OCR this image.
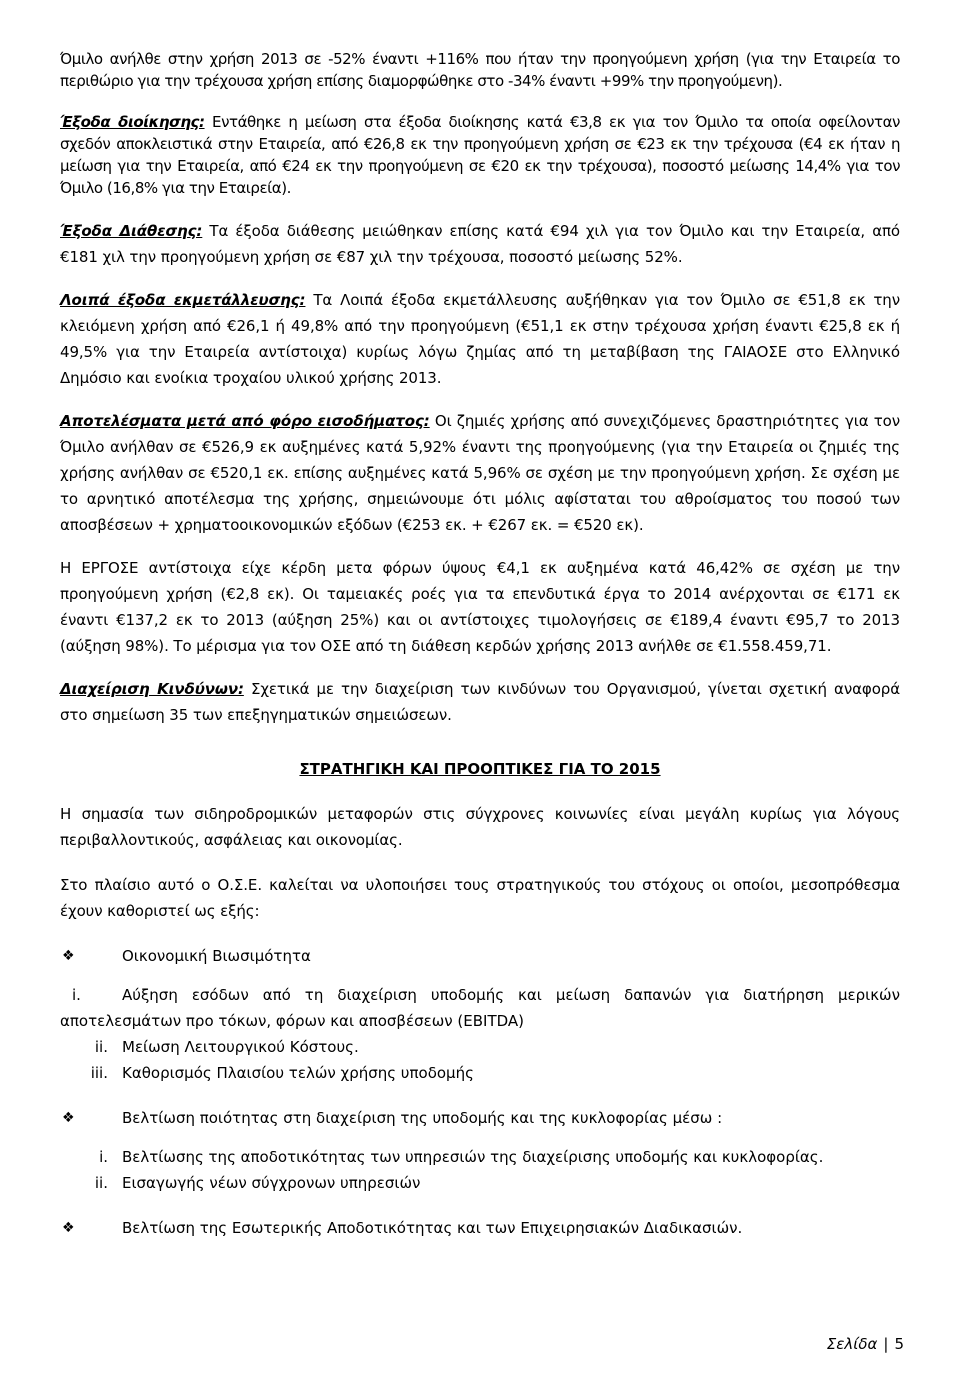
Όμιλο ανήλθε στην χρήση 2013 σε -52% έναντι +116% που ήταν την προηγούμενη χρήση (για την Εταιρεία το περιθώριο για την τρέχουσα χρήση επίσης διαμορφώθηκε στο -34% έναντι +99% την προηγούμενη).

Έξοδα διοίκησης: Εντάθηκε η μείωση στα έξοδα διοίκησης κατά €3,8 εκ για τον Όμιλο τα οποία οφείλονταν σχεδόν αποκλειστικά στην Εταιρεία, από €26,8 εκ την προηγούμενη χρήση σε €23 εκ την τρέχουσα (€4 εκ ήταν η μείωση για την Εταιρεία, από €24 εκ την προηγούμενη σε €20 εκ την τρέχουσα), ποσοστό μείωσης 14,4% για τον Όμιλο (16,8% για την Εταιρεία).

Έξοδα Διάθεσης: Τα έξοδα διάθεσης μειώθηκαν επίσης κατά €94 χιλ για τον Όμιλο και την Εταιρεία, από €181 χιλ την προηγούμενη χρήση σε €87 χιλ την τρέχουσα, ποσοστό μείωσης 52%.

Λοιπά έξοδα εκμετάλλευσης: Τα Λοιπά έξοδα εκμετάλλευσης αυξήθηκαν για τον Όμιλο σε €51,8 εκ την κλειόμενη χρήση από €26,1 ή 49,8% από την προηγούμενη (€51,1 εκ στην τρέχουσα χρήση έναντι €25,8 εκ ή 49,5% για την Εταιρεία αντίστοιχα) κυρίως λόγω ζημίας από τη μεταβίβαση της ΓΑΙΑΟΣΕ στο Ελληνικό Δημόσιο και ενοίκια τροχαίου υλικού χρήσης 2013.

Αποτελέσματα μετά από φόρο εισοδήματος: Οι ζημιές χρήσης από συνεχιζόμενες δραστηριότητες για τον Όμιλο ανήλθαν σε €526,9 εκ αυξημένες κατά 5,92% έναντι της προηγούμενης (για την Εταιρεία οι ζημιές της χρήσης ανήλθαν σε €520,1 εκ. επίσης αυξημένες κατά 5,96% σε σχέση με την προηγούμενη χρήση. Σε σχέση με το αρνητικό αποτέλεσμα της χρήσης, σημειώνουμε ότι μόλις αφίσταται του αθροίσματος του ποσού των αποσβέσεων + χρηματοοικονομικών εξόδων (€253 εκ. + €267 εκ. = €520 εκ).

Η ΕΡΓΟΣΕ αντίστοιχα είχε κέρδη μετα φόρων ύψους €4,1 εκ αυξημένα κατά 46,42% σε σχέση με την προηγούμενη χρήση (€2,8 εκ). Οι ταμειακές ροές για τα επενδυτικά έργα το 2014 ανέρχονται σε €171 εκ έναντι €137,2 εκ το 2013 (αύξηση 25%) και οι αντίστοιχες τιμολογήσεις σε €189,4 έναντι €95,7 το 2013 (αύξηση 98%). Το μέρισμα για τον ΟΣΕ από τη διάθεση κερδών χρήσης 2013 ανήλθε σε €1.558.459,71.

Διαχείριση Κινδύνων: Σχετικά με την διαχείριση των κινδύνων του Οργανισμού, γίνεται σχετική αναφορά στο σημείωση 35 των επεξηγηματικών σημειώσεων.

ΣΤΡΑΤΗΓΙΚΗ ΚΑΙ ΠΡΟΟΠΤΙΚΕΣ ΓΙΑ ΤΟ 2015

Η σημασία των σιδηροδρομικών μεταφορών στις σύγχρονες κοινωνίες είναι μεγάλη κυρίως για λόγους περιβαλλοντικούς, ασφάλειας και οικονομίας.

Στο πλαίσιο αυτό ο Ο.Σ.Ε. καλείται να υλοποιήσει τους στρατηγικούς του στόχους οι οποίοι, μεσοπρόθεσμα έχουν καθοριστεί ως εξής:

❖	Οικονομική Βιωσιμότητα
i.	Αύξηση εσόδων από τη διαχείριση υποδομής και μείωση δαπανών για διατήρηση μερικών αποτελεσμάτων προ τόκων, φόρων και αποσβέσεων (EBITDA)
ii. Μείωση Λειτουργικού Κόστους.
iii. Καθορισμός Πλαισίου τελών χρήσης υποδομής
❖	Βελτίωση ποιότητας στη διαχείριση της υποδομής και της κυκλοφορίας μέσω :
i. Βελτίωσης της αποδοτικότητας των υπηρεσιών της διαχείρισης υποδομής και κυκλοφορίας.
ii. Εισαγωγής νέων σύγχρονων υπηρεσιών
❖	Βελτίωση της Εσωτερικής Αποδοτικότητας και των Επιχειρησιακών Διαδικασιών.
Σελίδα | 5
